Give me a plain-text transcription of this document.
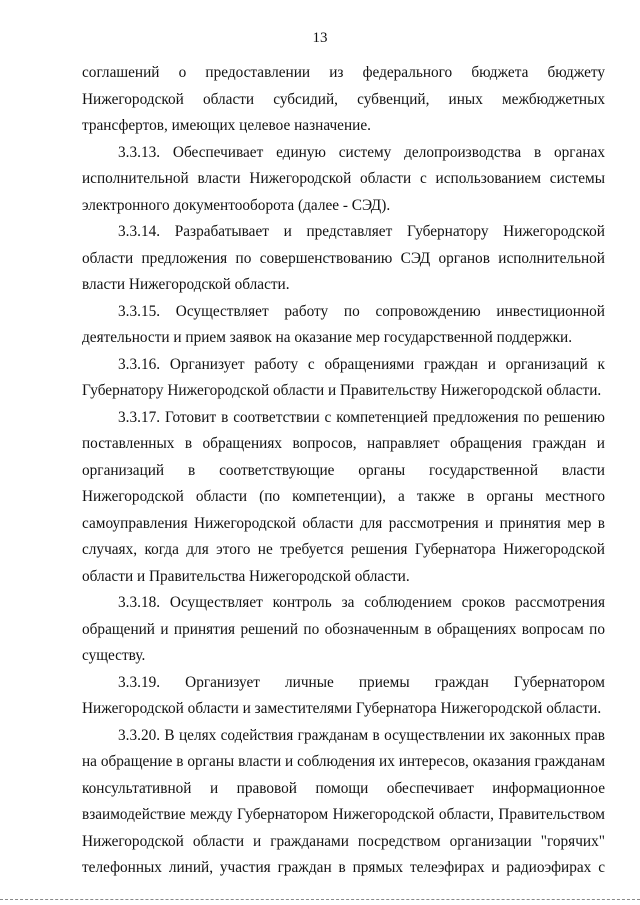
13

соглашений о предоставлении из федерального бюджета бюджету

Нижегородской области субсидий, субвенций, иных межбюджетных

трансфертов, имеющих целевое назначение.

3.3.13. Обеспечивает единую систему делопроизводства в органах

исполнительной власти Нижегородской области с использованием системы

электронного документооборота (далее - СЭД).

3.3.14. Разрабатывает и представляет Губернатору Нижегородской

области предложения по совершенствованию СЭД органов исполнительной

власти Нижегородской области.

3.3.15. Осуществляет работу по сопровождению инвестиционной

деятельности и прием заявок на оказание мер государственной поддержки.

3.3.16. Организует работу с обращениями граждан и организаций к

Губернатору Нижегородской области и Правительству Нижегородской области.

3.3.17. Готовит в соответствии с компетенцией предложения по решению

поставленных в обращениях вопросов, направляет обращения граждан и

организаций в соответствующие органы государственной власти

Нижегородской области (по компетенции), а также в органы местного

самоуправления Нижегородской области для рассмотрения и принятия мер в

случаях, когда для этого не требуется решения Губернатора Нижегородской

области и Правительства Нижегородской области.

3.3.18. Осуществляет контроль за соблюдением сроков рассмотрения

обращений и принятия решений по обозначенным в обращениях вопросам по

существу.

3.3.19. Организует личные приемы граждан Губернатором

Нижегородской области и заместителями Губернатора Нижегородской области.

3.3.20. В целях содействия гражданам в осуществлении их законных прав

на обращение в органы власти и соблюдения их интересов, оказания гражданам

консультативной и правовой помощи обеспечивает информационное

взаимодействие между Губернатором Нижегородской области, Правительством

Нижегородской области и гражданами посредством организации "горячих"

телефонных линий, участия граждан в прямых телеэфирах и радиоэфирах с
